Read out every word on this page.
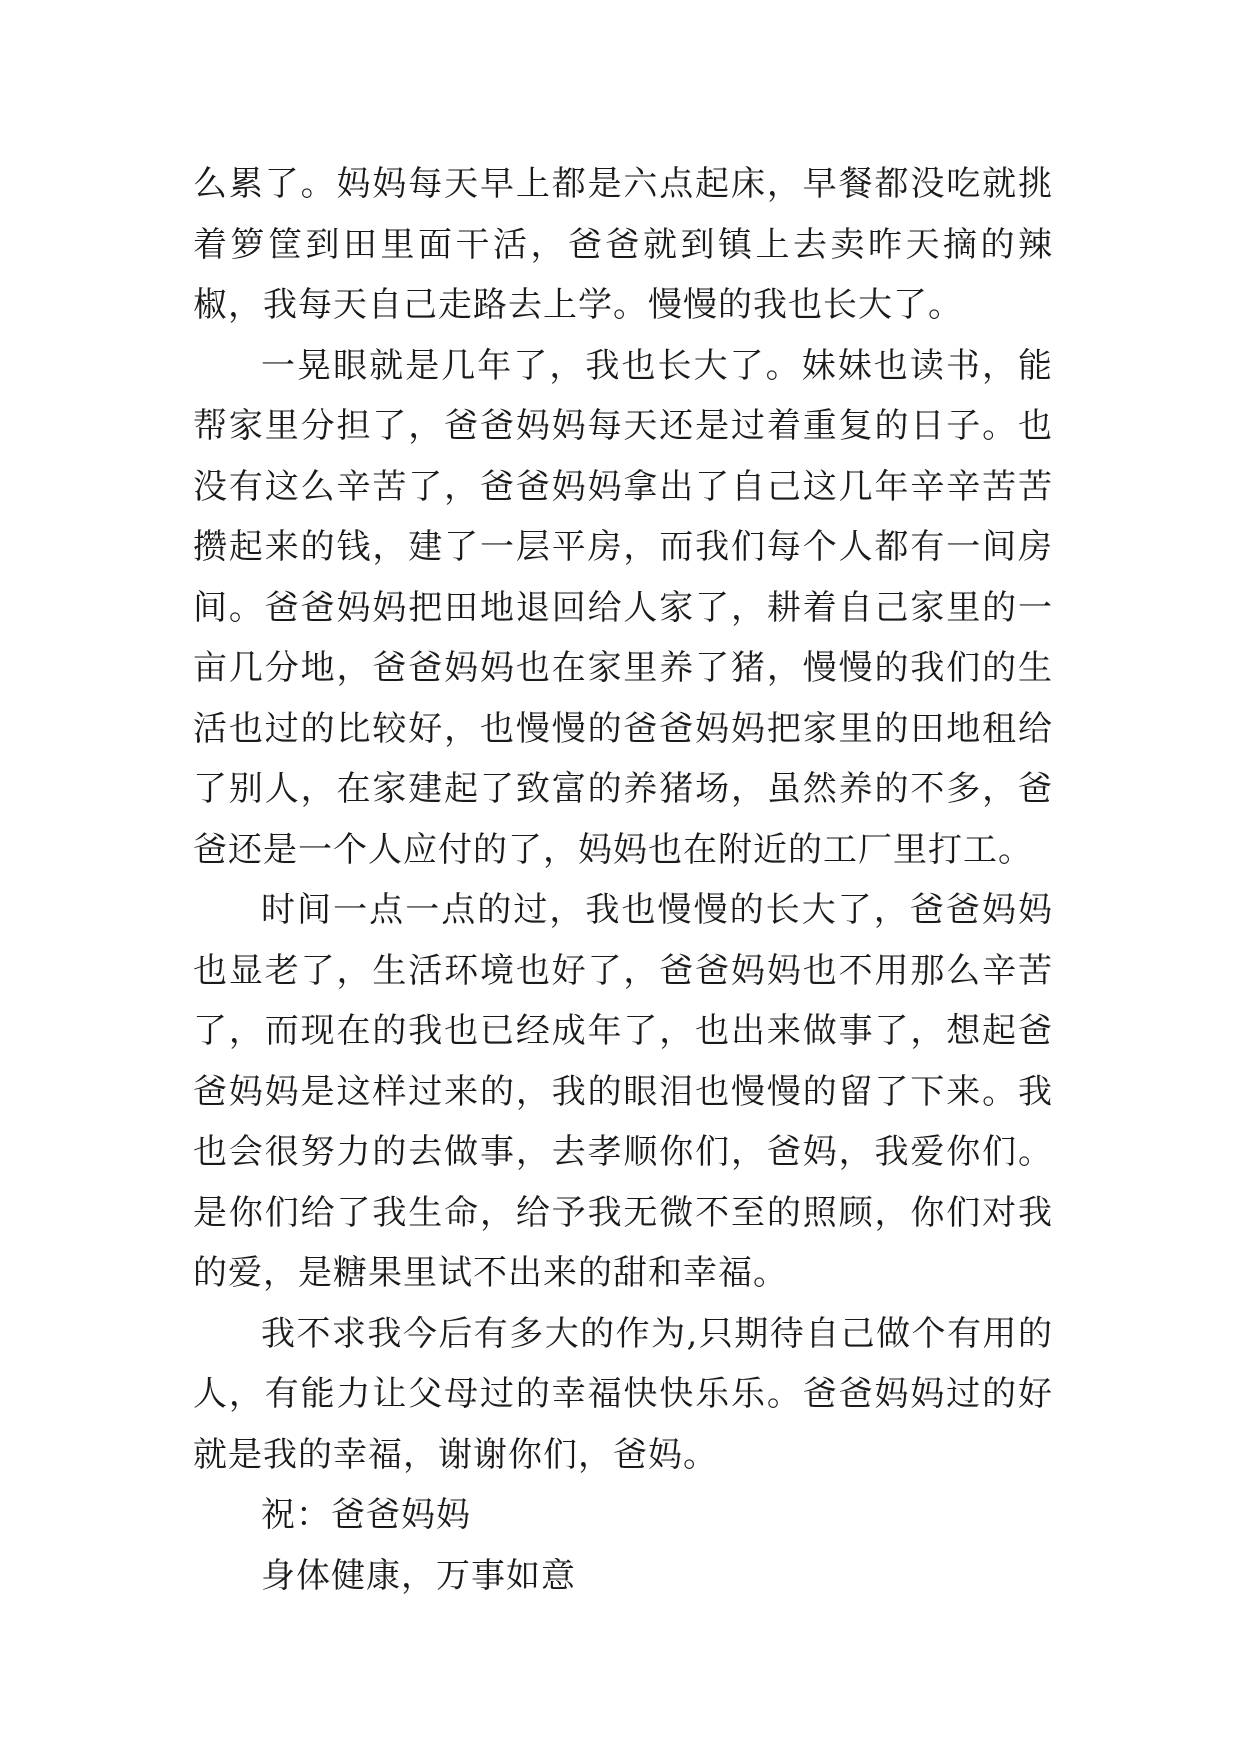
么累了。妈妈每天早上都是六点起床，早餐都没吃就挑着箩筐到田里面干活，爸爸就到镇上去卖昨天摘的辣椒，我每天自己走路去上学。慢慢的我也长大了。

一晃眼就是几年了，我也长大了。妹妹也读书，能帮家里分担了，爸爸妈妈每天还是过着重复的日子。也没有这么辛苦了，爸爸妈妈拿出了自己这几年辛辛苦苦攒起来的钱，建了一层平房，而我们每个人都有一间房间。爸爸妈妈把田地退回给人家了，耕着自己家里的一亩几分地，爸爸妈妈也在家里养了猪，慢慢的我们的生活也过的比较好，也慢慢的爸爸妈妈把家里的田地租给了别人，在家建起了致富的养猪场，虽然养的不多，爸爸还是一个人应付的了，妈妈也在附近的工厂里打工。

时间一点一点的过，我也慢慢的长大了，爸爸妈妈也显老了，生活环境也好了，爸爸妈妈也不用那么辛苦了，而现在的我也已经成年了，也出来做事了，想起爸爸妈妈是这样过来的，我的眼泪也慢慢的留了下来。我也会很努力的去做事，去孝顺你们，爸妈，我爱你们。是你们给了我生命，给予我无微不至的照顾，你们对我的爱，是糖果里试不出来的甜和幸福。

我不求我今后有多大的作为,只期待自己做个有用的人，有能力让父母过的幸福快快乐乐。爸爸妈妈过的好就是我的幸福，谢谢你们，爸妈。

祝：爸爸妈妈

身体健康，万事如意
